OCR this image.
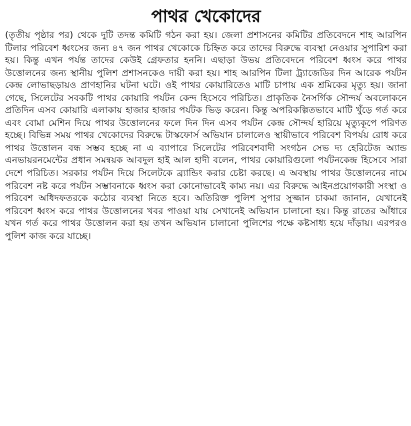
পাথর খেকোদের

(তৃতীয় পৃষ্ঠার পর) থেকে দুটি তদন্ত কমিটি গঠন করা হয়। জেলা প্রশাসনের কমিটির প্রতিবেদনে শাহ আরপিন টিলার পরিবেশ ধ্বংসের জন্য ৪৭ জন পাথর খেকোকে চিহ্নিত করে তাদের বিরুদ্ধে ব্যবস্থা নেওয়ার সুপারিশ করা হয়। কিন্তু এখন পর্যন্ত তাদের কেউই গ্রেফতার হননি। এছাড়া উভয় প্রতিবেদনে পরিবেশ ধ্বংস করে পাথর উত্তোলনের জন্য স্থানীয় পুলিশ প্রশাসনকেও দায়ী করা হয়। শাহ আরপিন টিলা ট্র্যাজেডির দিন আরেক পর্যটন কেন্দ্র লোভাছড়ায়ও প্রাণহানির ঘটনা ঘটে। ওই পাথর কোয়ারিতেও মাটি চাপায় এক শ্রমিকের মৃত্যু হয়। জানা গেছে, সিলেটের সবকটি পাথর কোয়ারি পর্যটন কেন্দ হিসেবে পরিচিত। প্রাকৃতিক নৈসর্গিক সৌন্দর্য অবলোকনে প্রতিদিন এসব কোয়ারি এলাকায় হাজার হাজার পর্যটক ভিড় করেন। কিন্তু অপরিকল্পিতভাবে মাটি খুঁড়ে গর্ত করে এবং বোমা মেশিন দিয়ে পাথর উত্তোলনের ফলে দিন দিন এসব পর্যটন কেন্দ্র সৌন্দর্য হারিয়ে মৃত্যুকূপে পরিণত হচ্ছে। বিভিন্ন সময় পাথর খেকোদের বিরুদ্ধে টাস্কফোর্স অভিযান চালালেও স্থায়ীভাবে পরিবেশ বিপর্যয় রোধ করে পাথর উত্তোলন বন্ধ সম্ভব হচ্ছে না এ ব্যাপারে সিলেটের পরিবেশবাদী সংগঠন সেভ দ্য হেরিটেজ অ্যান্ড এনভায়রনমেন্টের প্রধান সমন্বয়ক আবদুল হাই আল হাদী বলেন, পাথর কোয়ারিগুলো পর্যটনকেন্দ্র হিসেবে সারা দেশে পরিচিত। সরকার পর্যটন দিয়ে সিলেটকে ব্র্যান্ডিং করার চেষ্টা করছে। এ অবস্থায় পাথর উত্তোলনের নামে পরিবেশ নষ্ট করে পর্যটন সম্ভাবনাকে ধ্বংস করা কোনোভাবেই কাম্য নয়। এর বিরুদ্ধে আইনপ্রয়োগকারী সংস্থা ও পরিবেশ অধিদফতরকে কঠোর ব্যবস্থা নিতে হবে। অতিরিক্ত পুলিশ সুপার সুজ্জান চাকমা জানান, যেখানেই পরিবেশ ধ্বংস করে পাথর উত্তোলনের খবর পাওয়া যায় সেখানেই অভিযান চালানো হয়। কিন্তু রাতের আঁধারে যখন গর্ত করে পাথর উত্তোলন করা হয় তখন অভিযান চালানো পুলিশের পক্ষে কষ্টসাধ্য হয়ে দাঁড়ায়। এরপরও পুলিশ কাজ করে যাচ্ছে।
